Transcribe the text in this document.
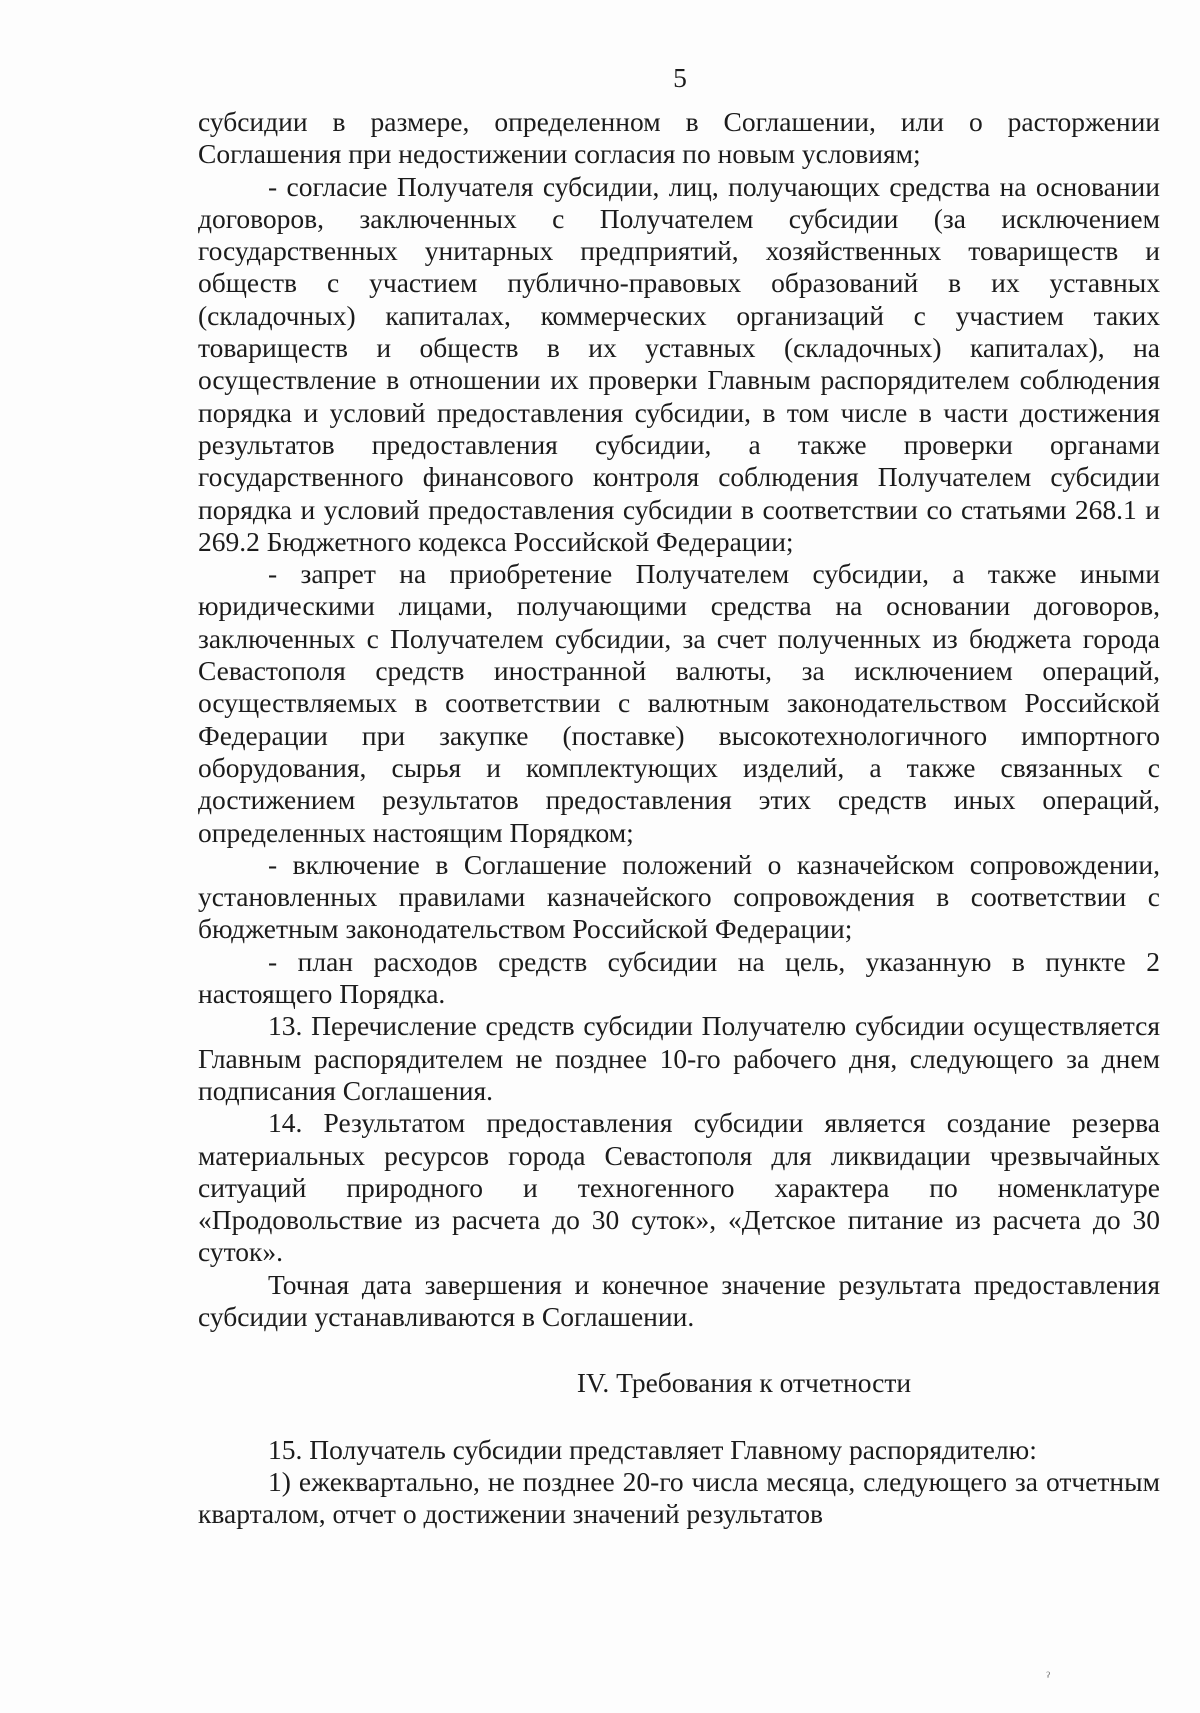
5

субсидии в размере, определенном в Соглашении, или о расторжении Соглашения при недостижении согласия по новым условиям;

- согласие Получателя субсидии, лиц, получающих средства на основании договоров, заключенных с Получателем субсидии (за исключением государственных унитарных предприятий, хозяйственных товариществ и обществ с участием публично-правовых образований в их уставных (складочных) капиталах, коммерческих организаций с участием таких товариществ и обществ в их уставных (складочных) капиталах), на осуществление в отношении их проверки Главным распорядителем соблюдения порядка и условий предоставления субсидии, в том числе в части достижения результатов предоставления субсидии, а также проверки органами государственного финансового контроля соблюдения Получателем субсидии порядка и условий предоставления субсидии в соответствии со статьями 268.1 и 269.2 Бюджетного кодекса Российской Федерации;

- запрет на приобретение Получателем субсидии, а также иными юридическими лицами, получающими средства на основании договоров, заключенных с Получателем субсидии, за счет полученных из бюджета города Севастополя средств иностранной валюты, за исключением операций, осуществляемых в соответствии с валютным законодательством Российской Федерации при закупке (поставке) высокотехнологичного импортного оборудования, сырья и комплектующих изделий, а также связанных с достижением результатов предоставления этих средств иных операций, определенных настоящим Порядком;

- включение в Соглашение положений о казначейском сопровождении, установленных правилами казначейского сопровождения в соответствии с бюджетным законодательством Российской Федерации;

- план расходов средств субсидии на цель, указанную в пункте 2 настоящего Порядка.

13. Перечисление средств субсидии Получателю субсидии осуществляется Главным распорядителем не позднее 10-го рабочего дня, следующего за днем подписания Соглашения.

14. Результатом предоставления субсидии является создание резерва материальных ресурсов города Севастополя для ликвидации чрезвычайных ситуаций природного и техногенного характера по номенклатуре «Продовольствие из расчета до 30 суток», «Детское питание из расчета до 30 суток».

Точная дата завершения и конечное значение результата предоставления субсидии устанавливаются в Соглашении.

IV. Требования к отчетности

15. Получатель субсидии представляет Главному распорядителю:

1) ежеквартально, не позднее 20-го числа месяца, следующего за отчетным кварталом, отчет о достижении значений результатов

ˀ
